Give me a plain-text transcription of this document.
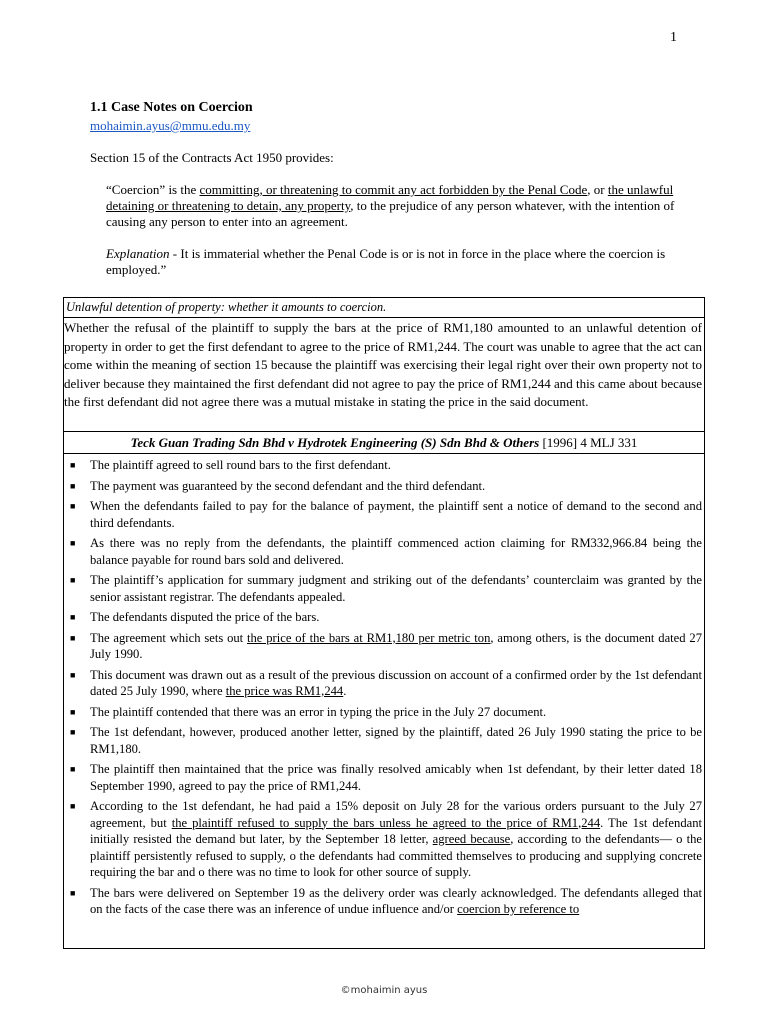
1
1.1 Case Notes on Coercion
mohaimin.ayus@mmu.edu.my
Section 15 of the Contracts Act 1950 provides:
“Coercion” is the committing, or threatening to commit any act forbidden by the Penal Code, or the unlawful detaining or threatening to detain, any property, to the prejudice of any person whatever, with the intention of causing any person to enter into an agreement.
Explanation - It is immaterial whether the Penal Code is or is not in force in the place where the coercion is employed.”
Unlawful detention of property: whether it amounts to coercion.
Whether the refusal of the plaintiff to supply the bars at the price of RM1,180 amounted to an unlawful detention of property in order to get the first defendant to agree to the price of RM1,244. The court was unable to agree that the act can come within the meaning of section 15 because the plaintiff was exercising their legal right over their own property not to deliver because they maintained the first defendant did not agree to pay the price of RM1,244 and this came about because the first defendant did not agree there was a mutual mistake in stating the price in the said document.
Teck Guan Trading Sdn Bhd v Hydrotek Engineering (S) Sdn Bhd & Others [1996] 4 MLJ 331
■	The plaintiff agreed to sell round bars to the first defendant.
■	The payment was guaranteed by the second defendant and the third defendant.
■	When the defendants failed to pay for the balance of payment, the plaintiff sent a notice of demand to the second and third defendants.
■	As there was no reply from the defendants, the plaintiff commenced action claiming for RM332,966.84 being the balance payable for round bars sold and delivered.
■	The plaintiff’s application for summary judgment and striking out of the defendants’ counterclaim was granted by the senior assistant registrar. The defendants appealed.
■	The defendants disputed the price of the bars.
■	The agreement which sets out the price of the bars at RM1,180 per metric ton, among others, is the document dated 27 July 1990.
■	This document was drawn out as a result of the previous discussion on account of a confirmed order by the 1st defendant dated 25 July 1990, where the price was RM1,244.
■	The plaintiff contended that there was an error in typing the price in the July 27 document.
■	The 1st defendant, however, produced another letter, signed by the plaintiff, dated 26 July 1990 stating the price to be RM1,180.
■	The plaintiff then maintained that the price was finally resolved amicably when 1st defendant, by their letter dated 18 September 1990, agreed to pay the price of RM1,244.
■	According to the 1st defendant, he had paid a 15% deposit on July 28 for the various orders pursuant to the July 27 agreement, but the plaintiff refused to supply the bars unless he agreed to the price of RM1,244. The 1st defendant initially resisted the demand but later, by the September 18 letter, agreed because, according to the defendants— o the plaintiff persistently refused to supply, o the defendants had committed themselves to producing and supplying concrete requiring the bar and o there was no time to look for other source of supply.
■	The bars were delivered on September 19 as the delivery order was clearly acknowledged. The defendants alleged that on the facts of the case there was an inference of undue influence and/or coercion by reference to
©mohaimin ayus
